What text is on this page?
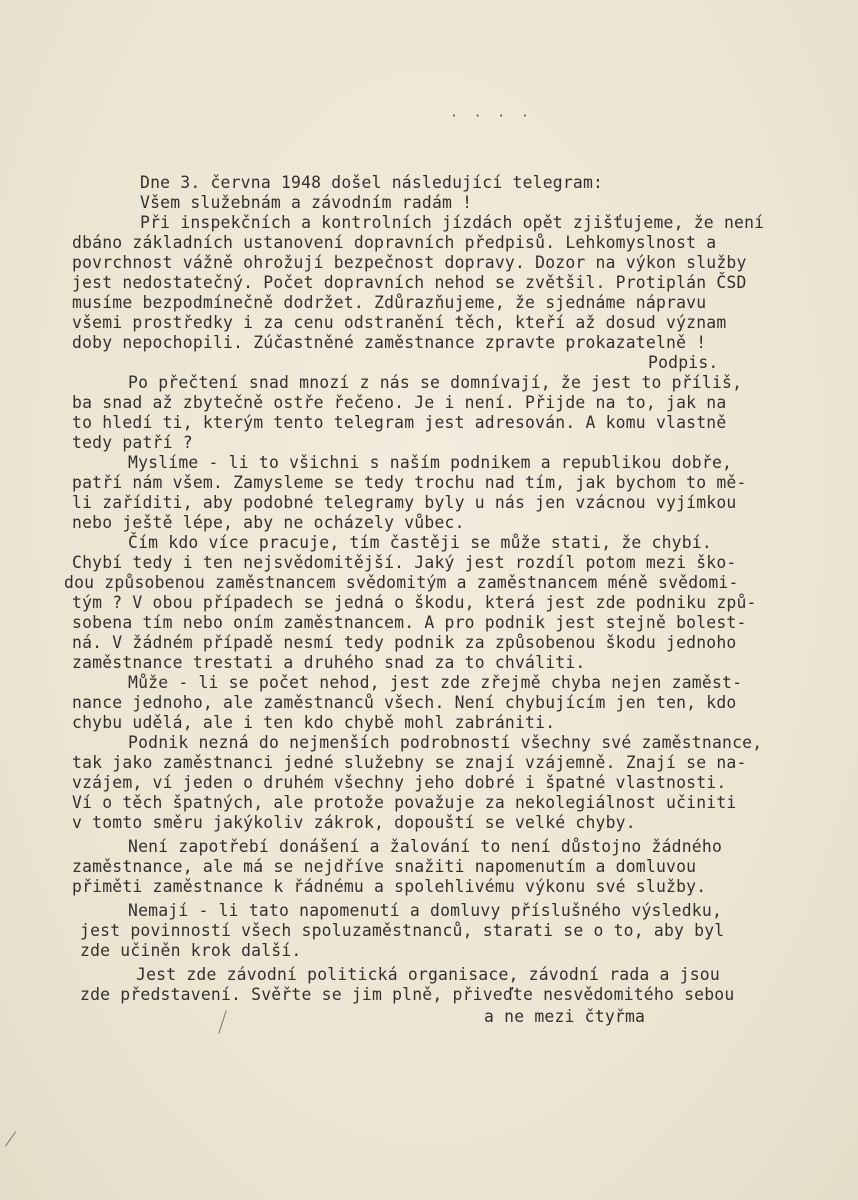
· · · ·
Dne 3. června 1948 došel následující telegram:
Všem služebnám a závodním radám !
Při inspekčních a kontrolních jízdách opět zjišťujeme, že není
dbáno základních ustanovení dopravních předpisů. Lehkomyslnost a
povrchnost vážně ohrožují bezpečnost dopravy. Dozor na výkon služby
jest nedostatečný. Počet dopravních nehod se zvětšil. Protiplán ČSD
musíme bezpodmínečně dodržet. Zdůrazňujeme, že sjednáme nápravu
všemi prostředky i za cenu odstranění těch, kteří až dosud význam
doby nepochopili. Zúčastněné zaměstnance zpravte prokazatelně !
Podpis.
Po přečtení snad mnozí z nás se domnívají, že jest to příliš,
ba snad až zbytečně ostře řečeno. Je i není. Přijde na to, jak na
to hledí ti, kterým tento telegram jest adresován. A komu vlastně
tedy patří ?
Myslíme - li to všichni s naším podnikem a republikou dobře,
patří nám všem. Zamysleme se tedy trochu nad tím, jak bychom to mě-
li zaříditi, aby podobné telegramy byly u nás jen vzácnou vyjímkou
nebo ještě lépe, aby ne ocházely vůbec.
Čím kdo více pracuje, tím častěji se může stati, že chybí.
Chybí tedy i ten nejsvědomitější. Jaký jest rozdíl potom mezi ško-
dou způsobenou zaměstnancem svědomitým a zaměstnancem méně svědomi-
tým ? V obou případech se jedná o škodu, která jest zde podniku způ-
sobena tím nebo oním zaměstnancem. A pro podnik jest stejně bolest-
ná. V žádném případě nesmí tedy podnik za způsobenou škodu jednoho
zaměstnance trestati a druhého snad za to chváliti.
Může - li se počet nehod, jest zde zřejmě chyba nejen zaměst-
nance jednoho, ale zaměstnanců všech. Není chybujícím jen ten, kdo
chybu udělá, ale i ten kdo chybě mohl zabrániti.
Podnik nezná do nejmenších podrobností všechny své zaměstnance,
tak jako zaměstnanci jedné služebny se znají vzájemně. Znají se na-
vzájem, ví jeden o druhém všechny jeho dobré i špatné vlastnosti.
Ví o těch špatných, ale protože považuje za nekolegiálnost učiniti
v tomto směru jakýkoliv zákrok, dopouští se velké chyby.
Není zapotřebí donášení a žalování to není důstojno žádného
zaměstnance, ale má se nejdříve snažiti napomenutím a domluvou
přiměti zaměstnance k řádnému a spolehlivému výkonu své služby.
Nemají - li tato napomenutí a domluvy příslušného výsledku,
jest povinností všech spoluzaměstnanců, starati se o to, aby byl
zde učiněn krok další.
Jest zde závodní politická organisace, závodní rada a jsou
zde představení. Svěřte se jim plně, přiveďte nesvědomitého sebou
a ne mezi čtyřma
